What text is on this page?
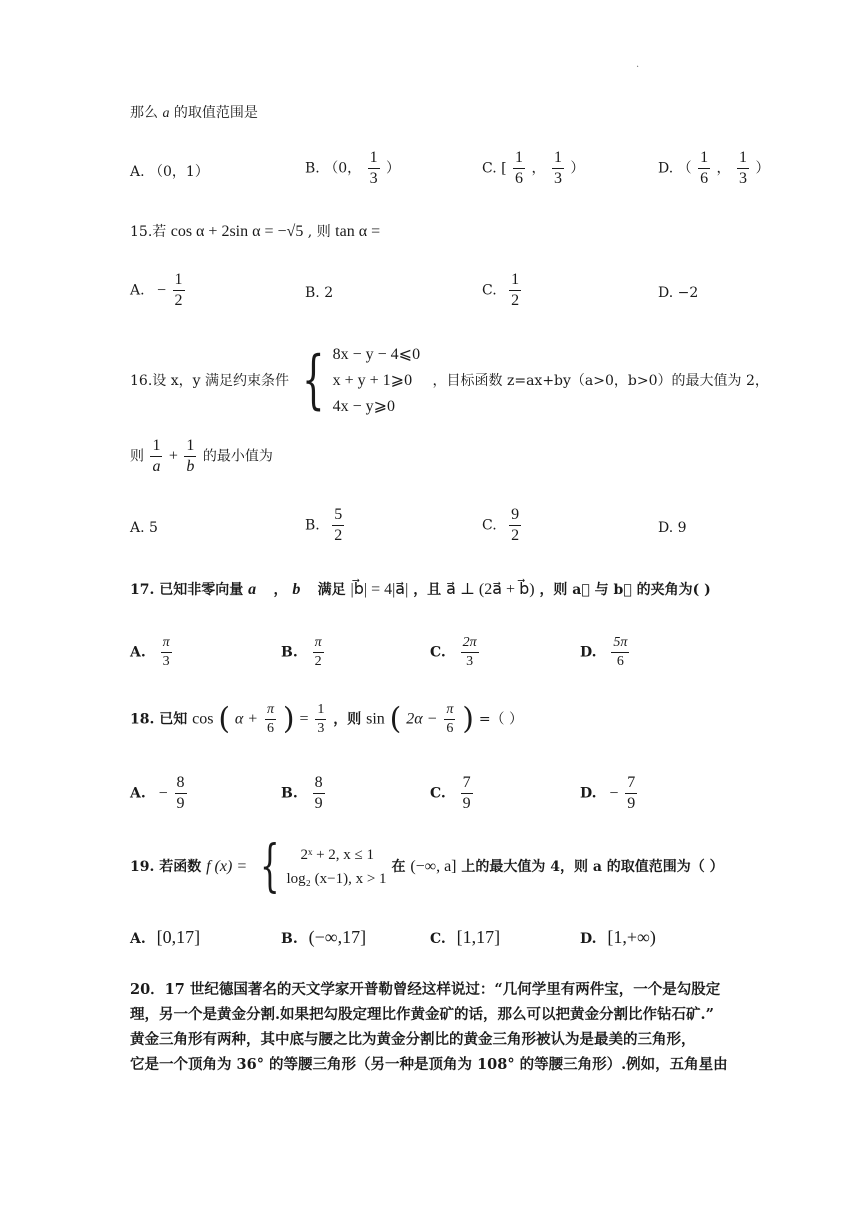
.
那么 a 的取值范围是
A. （0，1）	B. （0， $\frac{1}{3}$ ）	C. [ $\frac{1}{6}$ ， $\frac{1}{3}$ ）	D. （ $\frac{1}{6}$ ， $\frac{1}{3}$ ）
15.若 cos α + 2sin α = −√5 , 则 tan α =
A. − $\frac{1}{2}$	B. 2	C. $\frac{1}{2}$	D. −2
16.设 x，y 满足约束条件 { 8x − y − 4⩽0
x + y + 1⩾0
4x − y⩾0
，目标函数 z=ax+by（a>0，b>0）的最大值为 2，
则 $\frac{1}{a} + \frac{1}{b}$ 的最小值为
A. 5	B. $\frac{5}{2}$	C. $\frac{9}{2}$	D. 9
17. 已知非零向量 a⃗ ， b⃗ 满足 |b⃗| = 4|a⃗| ，且 a⃗ ⊥ (2a⃗ + b⃗) ，则 a⃗ 与 b⃗ 的夹角为( )
A. $\frac{\pi}{3}$	B. $\frac{\pi}{2}$	C. $\frac{2\pi}{3}$	D. $\frac{5\pi}{6}$
18. 已知 cos ( $\alpha + \frac{\pi}{6}$ ) = $\frac{1}{3}$ ，则 sin ( $2\alpha - \frac{\pi}{6}$ ) =（ ）
A. − $\frac{8}{9}$	B. $\frac{8}{9}$	C. $\frac{7}{9}$	D. − $\frac{7}{9}$
19. 若函数 f (x) = {	2ˣ + 2, x ≤ 1
log₂ (x−1), x > 1
在 (−∞, a] 上的最大值为 4，则 a 的取值范围为（ ）
A. [0,17]	B. (−∞,17]	C. [1,17]	D. [1,+∞)
20．17 世纪德国著名的天文学家开普勒曾经这样说过：“几何学里有两件宝，一个是勾股定
理，另一个是黄金分割.如果把勾股定理比作黄金矿的话，那么可以把黄金分割比作钻石矿.”
黄金三角形有两种，其中底与腰之比为黄金分割比的黄金三角形被认为是最美的三角形，
它是一个顶角为 36° 的等腰三角形（另一种是顶角为 108° 的等腰三角形）.例如，五角星由
